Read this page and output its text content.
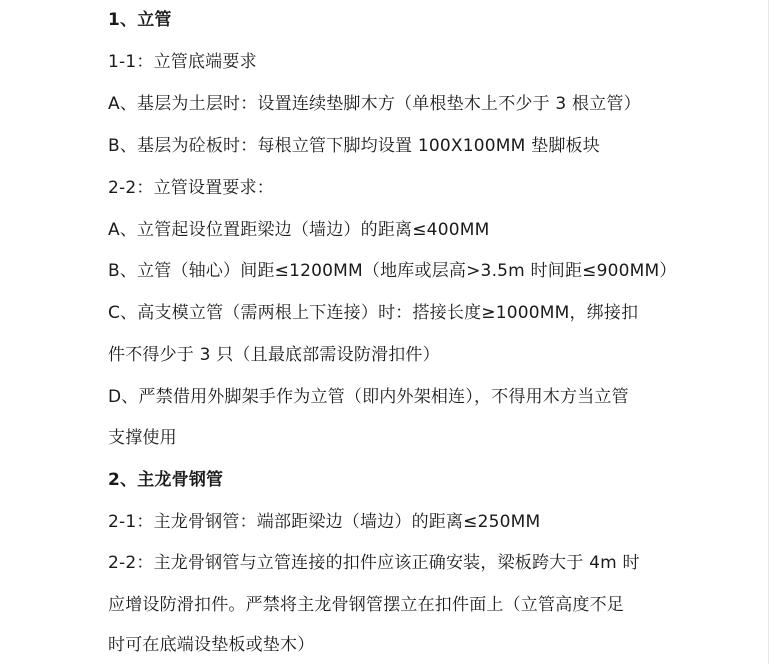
1、立管
1-1：立管底端要求
A、基层为土层时：设置连续垫脚木方（单根垫木上不少于 3 根立管）
B、基层为砼板时：每根立管下脚均设置 100X100MM 垫脚板块
2-2：立管设置要求：
A、立管起设位置距梁边（墙边）的距离≤400MM
B、立管（轴心）间距≤1200MM（地库或层高>3.5m 时间距≤900MM）
C、高支模立管（需两根上下连接）时：搭接长度≥1000MM，绑接扣
件不得少于 3 只（且最底部需设防滑扣件）
D、严禁借用外脚架手作为立管（即内外架相连），不得用木方当立管
支撑使用
2、主龙骨钢管
2-1：主龙骨钢管：端部距梁边（墙边）的距离≤250MM
2-2：主龙骨钢管与立管连接的扣件应该正确安装，梁板跨大于 4m 时
应增设防滑扣件。严禁将主龙骨钢管摆立在扣件面上（立管高度不足
时可在底端设垫板或垫木）
